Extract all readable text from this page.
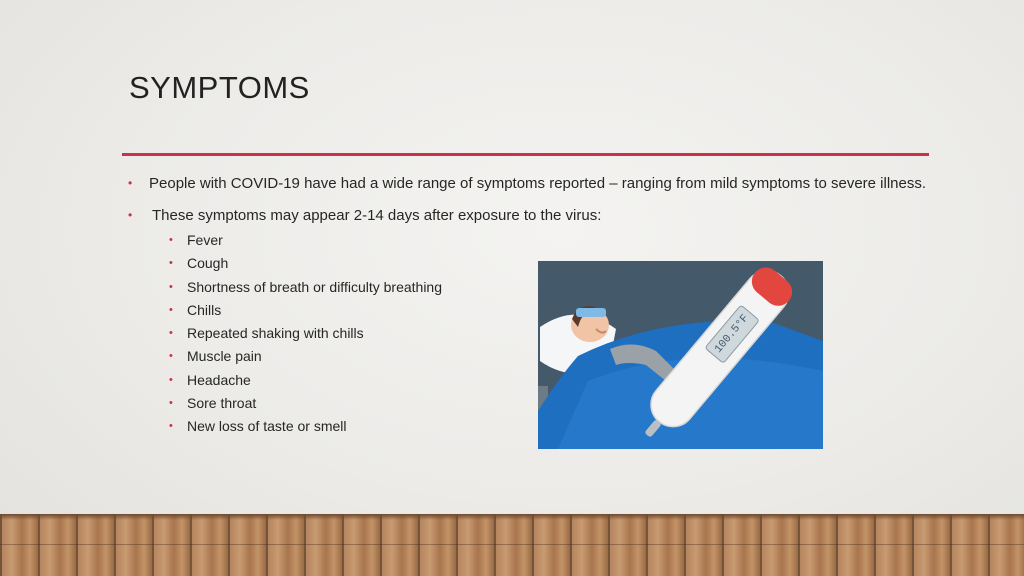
SYMPTOMS
•	People with COVID-19 have had a wide range of symptoms reported – ranging from mild symptoms to severe illness.
•	These symptoms may appear 2-14 days after exposure to the virus:
•	Fever
•	Cough
•	Shortness of breath or difficulty breathing
•	Chills
•	Repeated shaking with chills
•	Muscle pain
•	Headache
•	Sore throat
•	New loss of taste or smell
100.5°F
